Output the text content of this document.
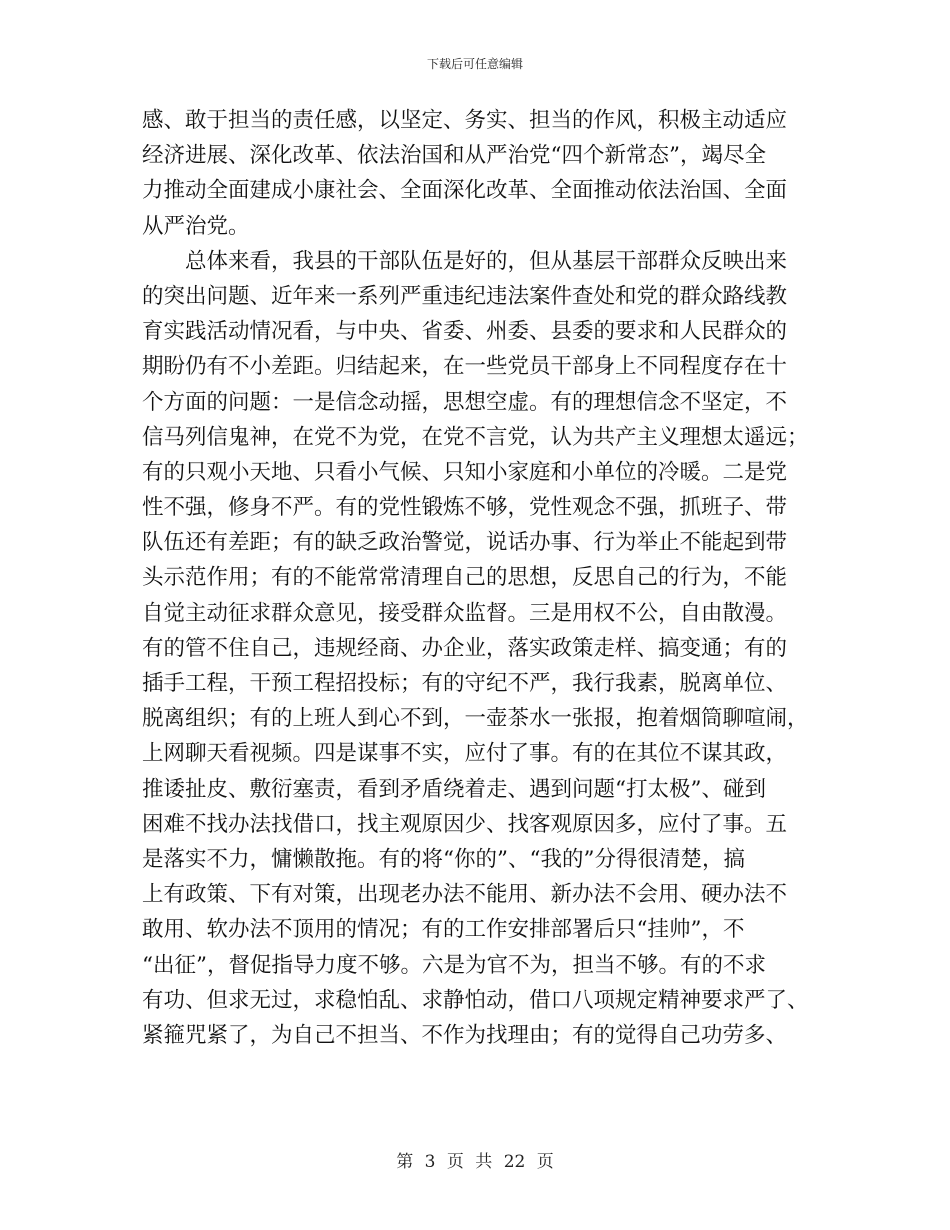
下载后可任意编辑
感、敢于担当的责任感，以坚定、务实、担当的作风，积极主动适应
经济进展、深化改革、依法治国和从严治党“四个新常态”，竭尽全
力推动全面建成小康社会、全面深化改革、全面推动依法治国、全面
从严治党。
　　总体来看，我县的干部队伍是好的，但从基层干部群众反映出来
的突出问题、近年来一系列严重违纪违法案件查处和党的群众路线教
育实践活动情况看，与中央、省委、州委、县委的要求和人民群众的
期盼仍有不小差距。归结起来，在一些党员干部身上不同程度存在十
个方面的问题：一是信念动摇，思想空虚。有的理想信念不坚定，不
信马列信鬼神，在党不为党，在党不言党，认为共产主义理想太遥远；
有的只观小天地、只看小气候、只知小家庭和小单位的冷暖。二是党
性不强，修身不严。有的党性锻炼不够，党性观念不强，抓班子、带
队伍还有差距；有的缺乏政治警觉，说话办事、行为举止不能起到带
头示范作用；有的不能常常清理自己的思想，反思自己的行为，不能
自觉主动征求群众意见，接受群众监督。三是用权不公，自由散漫。
有的管不住自己，违规经商、办企业，落实政策走样、搞变通；有的
插手工程，干预工程招投标；有的守纪不严，我行我素，脱离单位、
脱离组织；有的上班人到心不到，一壶茶水一张报，抱着烟筒聊喧闹，
上网聊天看视频。四是谋事不实，应付了事。有的在其位不谋其政，
推诿扯皮、敷衍塞责，看到矛盾绕着走、遇到问题“打太极”、碰到
困难不找办法找借口，找主观原因少、找客观原因多，应付了事。五
是落实不力，慵懒散拖。有的将“你的”、“我的”分得很清楚，搞
上有政策、下有对策，出现老办法不能用、新办法不会用、硬办法不
敢用、软办法不顶用的情况；有的工作安排部署后只“挂帅”，不
“出征”，督促指导力度不够。六是为官不为，担当不够。有的不求
有功、但求无过，求稳怕乱、求静怕动，借口八项规定精神要求严了、
紧箍咒紧了，为自己不担当、不作为找理由；有的觉得自己功劳多、
第 3 页 共 22 页
